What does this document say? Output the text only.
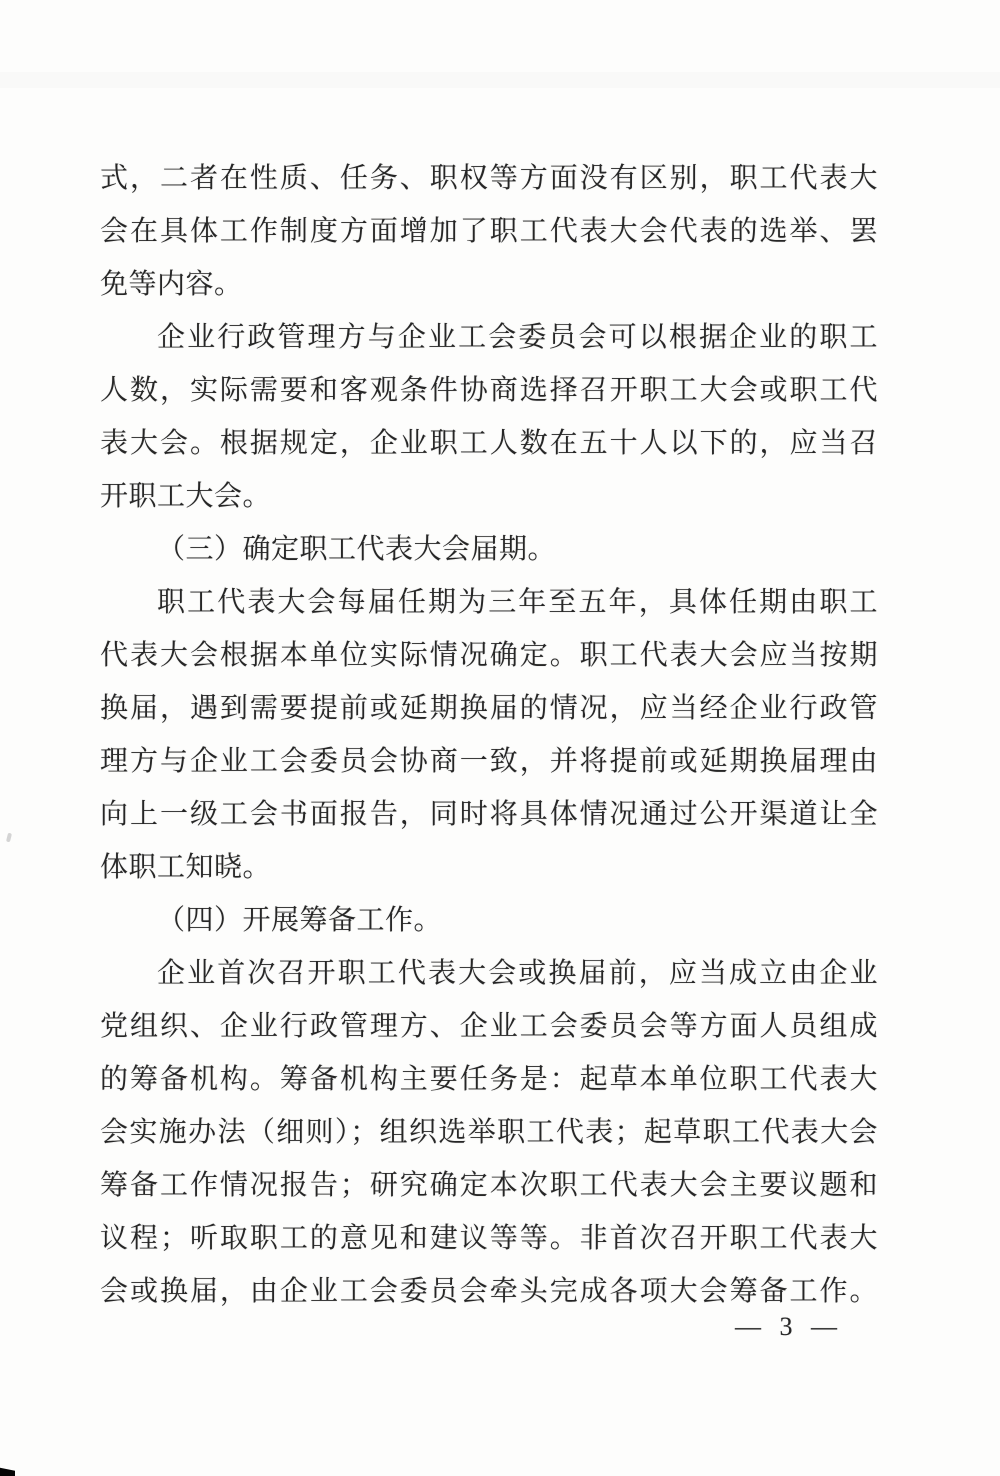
式，二者在性质、任务、职权等方面没有区别，职工代表大
会在具体工作制度方面增加了职工代表大会代表的选举、罢
免等内容。
企业行政管理方与企业工会委员会可以根据企业的职工
人数，实际需要和客观条件协商选择召开职工大会或职工代
表大会。根据规定，企业职工人数在五十人以下的，应当召
开职工大会。
（三）确定职工代表大会届期。
职工代表大会每届任期为三年至五年，具体任期由职工
代表大会根据本单位实际情况确定。职工代表大会应当按期
换届，遇到需要提前或延期换届的情况，应当经企业行政管
理方与企业工会委员会协商一致，并将提前或延期换届理由
向上一级工会书面报告，同时将具体情况通过公开渠道让全
体职工知晓。
（四）开展筹备工作。
企业首次召开职工代表大会或换届前，应当成立由企业
党组织、企业行政管理方、企业工会委员会等方面人员组成
的筹备机构。筹备机构主要任务是：起草本单位职工代表大
会实施办法（细则）；组织选举职工代表；起草职工代表大会
筹备工作情况报告；研究确定本次职工代表大会主要议题和
议程；听取职工的意见和建议等等。非首次召开职工代表大
会或换届，由企业工会委员会牵头完成各项大会筹备工作。
— 3 —
